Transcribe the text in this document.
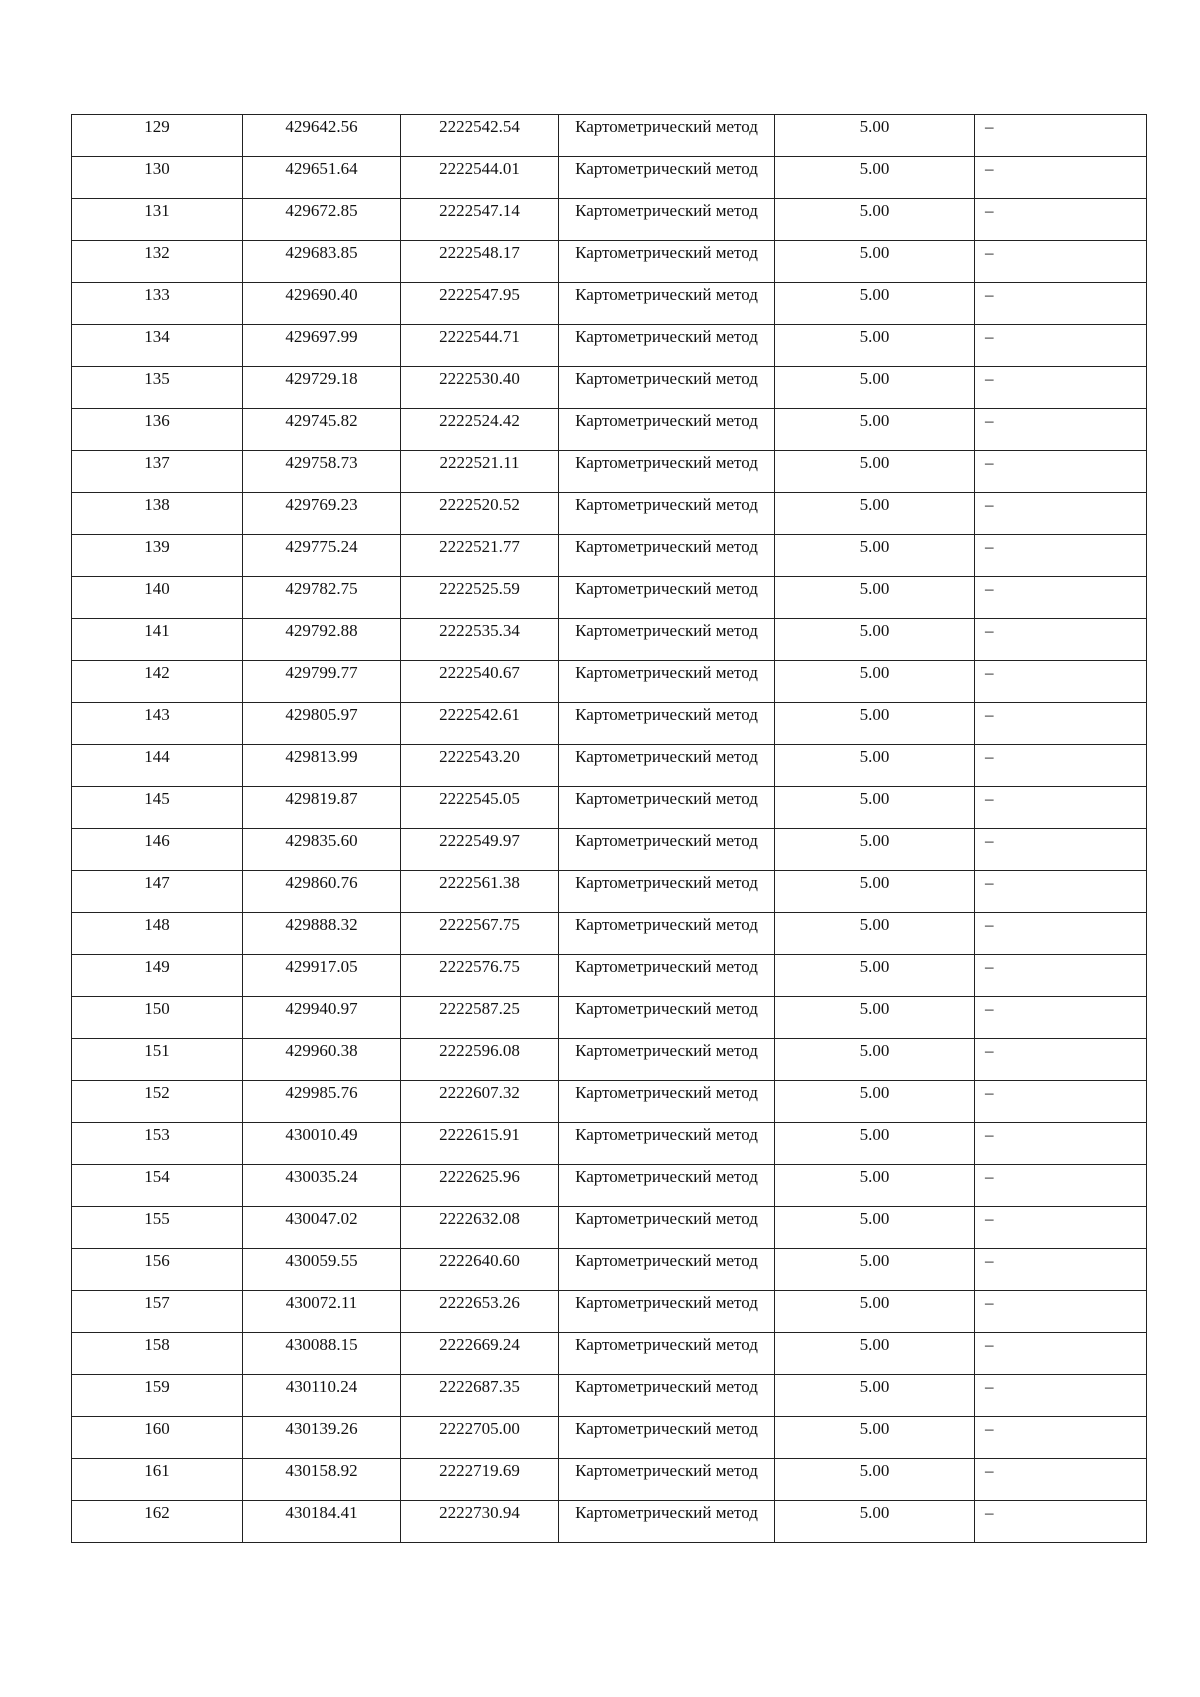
129	429642.56	2222542.54	Картометрический метод	5.00	–

130	429651.64	2222544.01	Картометрический метод	5.00	–

131	429672.85	2222547.14	Картометрический метод	5.00	–

132	429683.85	2222548.17	Картометрический метод	5.00	–

133	429690.40	2222547.95	Картометрический метод	5.00	–

134	429697.99	2222544.71	Картометрический метод	5.00	–

135	429729.18	2222530.40	Картометрический метод	5.00	–

136	429745.82	2222524.42	Картометрический метод	5.00	–

137	429758.73	2222521.11	Картометрический метод	5.00	–

138	429769.23	2222520.52	Картометрический метод	5.00	–

139	429775.24	2222521.77	Картометрический метод	5.00	–

140	429782.75	2222525.59	Картометрический метод	5.00	–

141	429792.88	2222535.34	Картометрический метод	5.00	–

142	429799.77	2222540.67	Картометрический метод	5.00	–

143	429805.97	2222542.61	Картометрический метод	5.00	–

144	429813.99	2222543.20	Картометрический метод	5.00	–

145	429819.87	2222545.05	Картометрический метод	5.00	–

146	429835.60	2222549.97	Картометрический метод	5.00	–

147	429860.76	2222561.38	Картометрический метод	5.00	–

148	429888.32	2222567.75	Картометрический метод	5.00	–

149	429917.05	2222576.75	Картометрический метод	5.00	–

150	429940.97	2222587.25	Картометрический метод	5.00	–

151	429960.38	2222596.08	Картометрический метод	5.00	–

152	429985.76	2222607.32	Картометрический метод	5.00	–

153	430010.49	2222615.91	Картометрический метод	5.00	–

154	430035.24	2222625.96	Картометрический метод	5.00	–

155	430047.02	2222632.08	Картометрический метод	5.00	–

156	430059.55	2222640.60	Картометрический метод	5.00	–

157	430072.11	2222653.26	Картометрический метод	5.00	–

158	430088.15	2222669.24	Картометрический метод	5.00	–

159	430110.24	2222687.35	Картометрический метод	5.00	–

160	430139.26	2222705.00	Картометрический метод	5.00	–

161	430158.92	2222719.69	Картометрический метод	5.00	–

162	430184.41	2222730.94	Картометрический метод	5.00	–
